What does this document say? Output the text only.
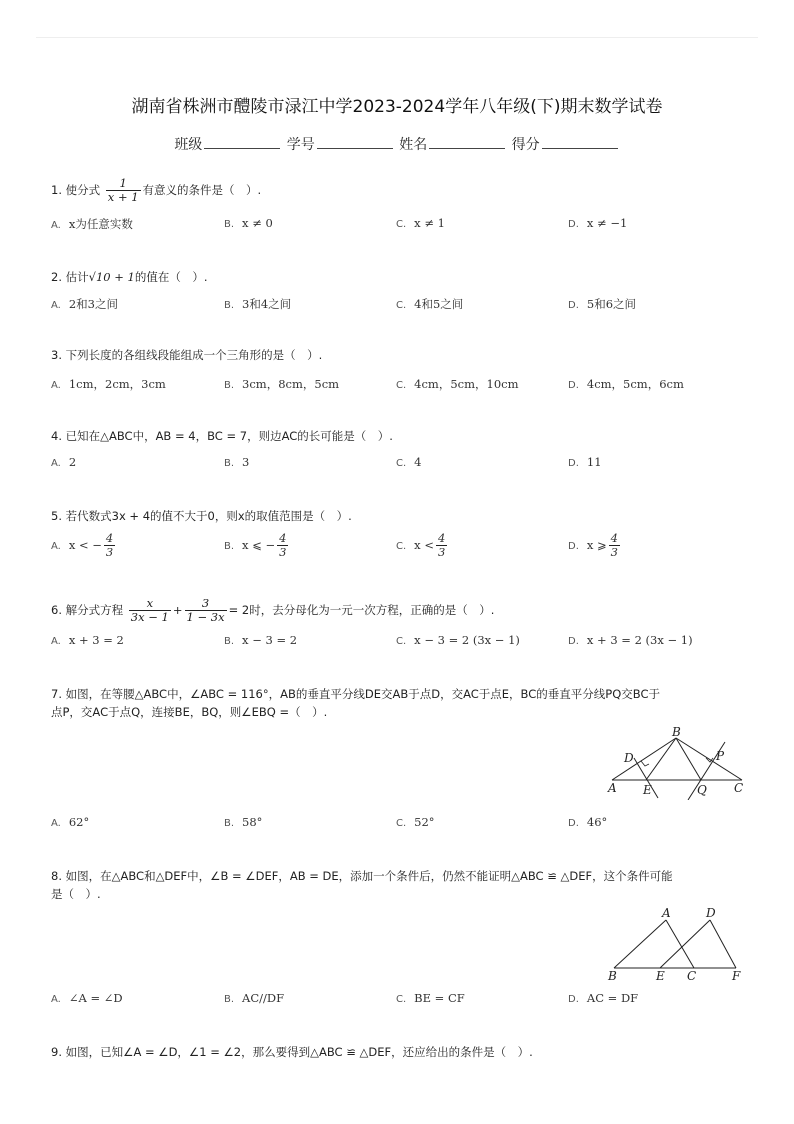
湖南省株洲市醴陵市渌江中学2023-2024学年八年级(下)期末数学试卷
班级	学号	姓名	得分
1. 使分式 $\frac{1}{x + 1}$ 有意义的条件是（　）.
A. x为任意实数	B. x ≠ 0	C. x ≠ 1	D. x ≠ −1
2. 估计√10 + 1的值在（　）.
A. 2和3之间	B. 3和4之间	C. 4和5之间	D. 5和6之间
3. 下列长度的各组线段能组成一个三角形的是（　）.
A. 1cm，2cm，3cm	B. 3cm，8cm，5cm	C. 4cm，5cm，10cm	D. 4cm，5cm，6cm
4. 已知在△ABC中，AB = 4，BC = 7，则边AC的长可能是（　）.
A. 2	B. 3	C. 4	D. 11
5. 若代数式3x + 4的值不大于0，则x的取值范围是（　）.
A. x < − $\frac{4}{3}$	B. x ⩽ − $\frac{4}{3}$	C. $x < \frac{4}{3}$	D. x ⩾ $\frac{4}{3}$
6. 解分式方程 $\frac{x}{3x - 1} + \frac{3}{1 - 3x} = 2$时，去分母化为一元一次方程，正确的是（　）.
A. x + 3 = 2	B. x − 3 = 2	C. x − 3 = 2 (3x − 1)	D. x + 3 = 2 (3x − 1)
7. 如图，在等腰△ABC中，∠ABC = 116°，AB的垂直平分线DE交AB于点D，交AC于点E，BC的垂直平分线PQ交BC于
点P，交AC于点Q，连接BE，BQ，则∠EBQ =（　）.
B
D	P
A E	Q C
A. 62°	B. 58°	C. 52°	D. 46°
8. 如图，在△ABC和△DEF中，∠B = ∠DEF，AB = DE，添加一个条件后，仍然不能证明△ABC ≌ △DEF，这个条件可能
是（　）.
A	D
B	E C	F
A. ∠A = ∠D	B. AC//DF	C. BE = CF	D. AC = DF
9. 如图，已知∠A = ∠D，∠1 = ∠2，那么要得到△ABC ≌ △DEF，还应给出的条件是（　）.
